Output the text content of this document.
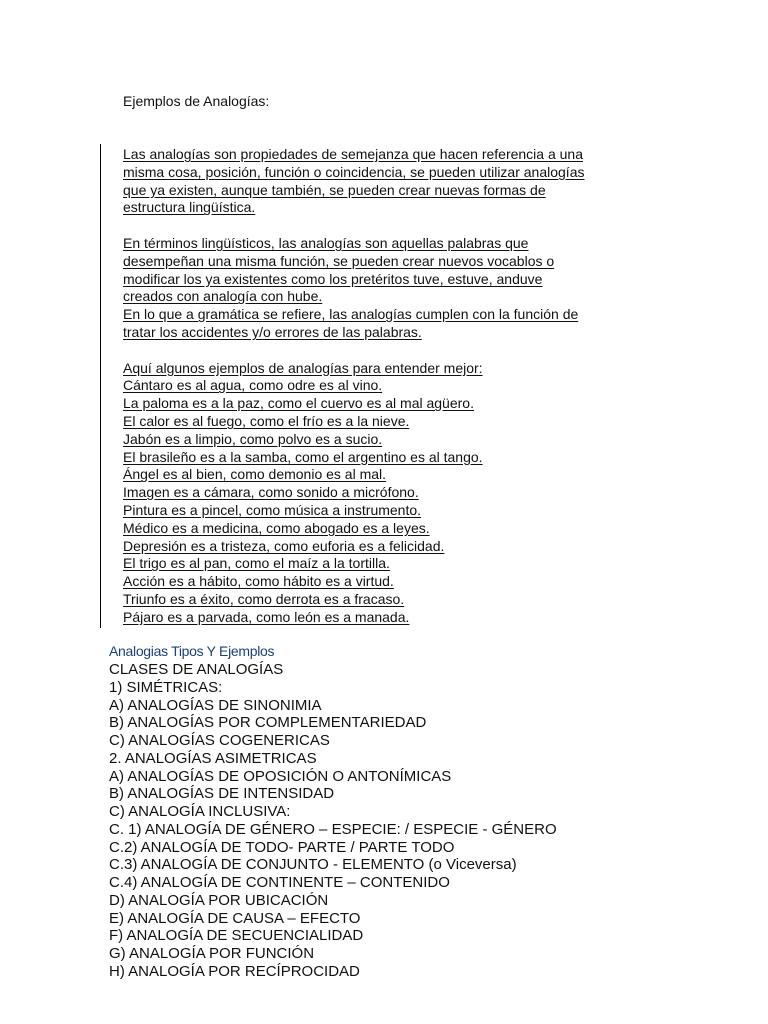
Ejemplos de Analogías:
Las analogías son propiedades de semejanza que hacen referencia a una
misma cosa, posición, función o coincidencia, se pueden utilizar analogías
que ya existen, aunque también, se pueden crear nuevas formas de
estructura lingüística.
En términos lingüísticos, las analogías son aquellas palabras que
desempeñan una misma función, se pueden crear nuevos vocablos o
modificar los ya existentes como los pretéritos tuve, estuve, anduve
creados con analogía con hube.
En lo que a gramática se refiere, las analogías cumplen con la función de
tratar los accidentes y/o errores de las palabras.
Aquí algunos ejemplos de analogías para entender mejor:
Cántaro es al agua, como odre es al vino.
La paloma es a la paz, como el cuervo es al mal agüero.
El calor es al fuego, como el frío es a la nieve.
Jabón es a limpio, como polvo es a sucio.
El brasileño es a la samba, como el argentino es al tango.
Ángel es al bien, como demonio es al mal.
Imagen es a cámara, como sonido a micrófono.
Pintura es a pincel, como música a instrumento.
Médico es a medicina, como abogado es a leyes.
Depresión es a tristeza, como euforia es a felicidad.
El trigo es al pan, como el maíz a la tortilla.
Acción es a hábito, como hábito es a virtud.
Triunfo es a éxito, como derrota es a fracaso.
Pájaro es a parvada, como león es a manada.
Analogias Tipos Y Ejemplos
CLASES DE ANALOGÍAS
1) SIMÉTRICAS:
A) ANALOGÍAS DE SINONIMIA
B) ANALOGÍAS POR COMPLEMENTARIEDAD
C) ANALOGÍAS COGENERICAS
2. ANALOGÍAS ASIMETRICAS
A) ANALOGÍAS DE OPOSICIÓN O ANTONÍMICAS
B) ANALOGÍAS DE INTENSIDAD
C) ANALOGÍA INCLUSIVA:
C. 1) ANALOGÍA DE GÉNERO – ESPECIE: / ESPECIE - GÉNERO
C.2) ANALOGÍA DE TODO- PARTE / PARTE TODO
C.3) ANALOGÍA DE CONJUNTO - ELEMENTO (o Viceversa)
C.4) ANALOGÍA DE CONTINENTE – CONTENIDO
D) ANALOGÍA POR UBICACIÓN
E) ANALOGÍA DE CAUSA – EFECTO
F) ANALOGÍA DE SECUENCIALIDAD
G) ANALOGÍA POR FUNCIÓN
H) ANALOGÍA POR RECÍPROCIDAD
